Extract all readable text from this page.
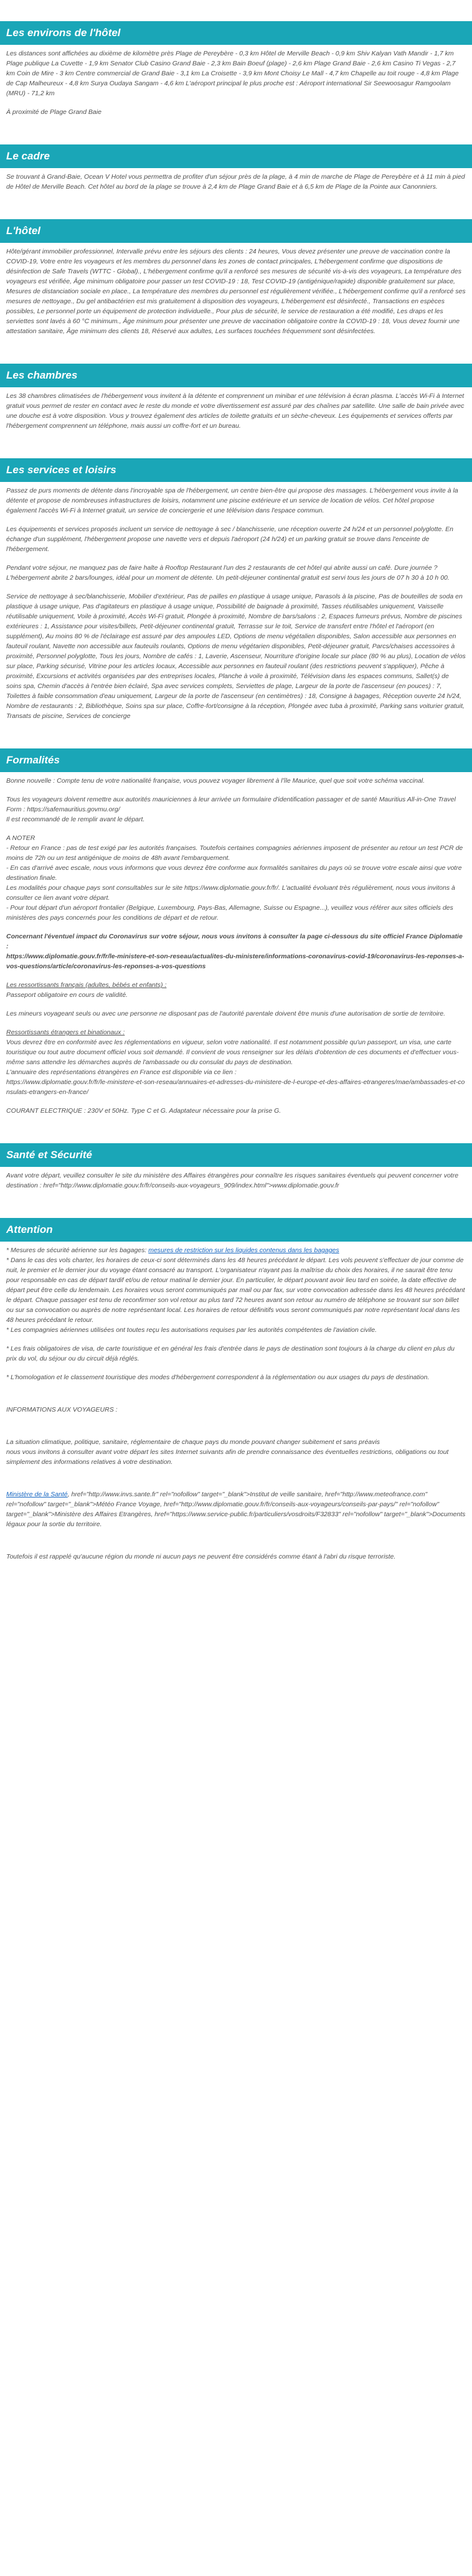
Les environs de l'hôtel

Les distances sont affichées au dixième de kilomètre près Plage de Pereybère - 0,3 km Hôtel de Merville Beach - 0,9 km Shiv Kalyan Vath Mandir - 1,7 km Plage publique La Cuvette - 1,9 km Senator Club Casino Grand Baie - 2,3 km Bain Boeuf (plage) - 2,6 km Plage Grand Baie - 2,6 km Casino Ti Vegas - 2,7 km Coin de Mire - 3 km Centre commercial de Grand Baie - 3,1 km La Croisette - 3,9 km Mont Choisy Le Mall - 4,7 km Chapelle au toit rouge - 4,8 km Plage de Cap Malheureux - 4,8 km Surya Oudaya Sangam - 4,6 km L'aéroport principal le plus proche est : Aéroport international Sir Seewoosagur Ramgoolam (MRU) - 71,2 km

À proximité de Plage Grand Baie

Le cadre

Se trouvant à Grand-Baie, Ocean V Hotel vous permettra de profiter d'un séjour près de la plage, à 4 min de marche de Plage de Pereybère et à 11 min à pied de Hôtel de Merville Beach. Cet hôtel au bord de la plage se trouve à 2,4 km de Plage Grand Baie et à 6,5 km de Plage de la Pointe aux Canonniers.

L'hôtel

Hôte/gérant immobilier professionnel, Intervalle prévu entre les séjours des clients : 24 heures, Vous devez présenter une preuve de vaccination contre la COVID-19, Votre entre les voyageurs et les membres du personnel dans les zones de contact principales, L'hébergement confirme que dispositions de désinfection de Safe Travels (WTTC - Global)., L'hébergement confirme qu'il a renforcé ses mesures de sécurité vis-à-vis des voyageurs, La température des voyageurs est vérifiée, Âge minimum obligatoire pour passer un test COVID-19 : 18, Test COVID-19 (antigénique/rapide) disponible gratuitement sur place, Mesures de distanciation sociale en place., La température des membres du personnel est régulièrement vérifiée., L'hébergement confirme qu'il a renforcé ses mesures de nettoyage., Du gel antibactérien est mis gratuitement à disposition des voyageurs, L'hébergement est désinfecté., Transactions en espèces possibles, Le personnel porte un équipement de protection individuelle., Pour plus de sécurité, le service de restauration a été modifié, Les draps et les serviettes sont lavés à 60 °C minimum., Âge minimum pour présenter une preuve de vaccination obligatoire contre la COVID-19 : 18, Vous devez fournir une attestation sanitaire, Âge minimum des clients 18, Réservé aux adultes, Les surfaces touchées fréquemment sont désinfectées.

Les chambres

Les 38 chambres climatisées de l'hébergement vous invitent à la détente et comprennent un minibar et une télévision à écran plasma. L'accès Wi-Fi à Internet gratuit vous permet de rester en contact avec le reste du monde et votre divertissement est assuré par des chaînes par satellite. Une salle de bain privée avec une douche est à votre disposition. Vous y trouvez également des articles de toilette gratuits et un sèche-cheveux. Les équipements et services offerts par l'hébergement comprennent un téléphone, mais aussi un coffre-fort et un bureau.

Les services et loisirs

Passez de purs moments de détente dans l'incroyable spa de l'hébergement, un centre bien-être qui propose des massages. L'hébergement vous invite à la détente et propose de nombreuses infrastructures de loisirs, notamment une piscine extérieure et un service de location de vélos. Cet hôtel propose également l'accès Wi-Fi à Internet gratuit, un service de conciergerie et une télévision dans l'espace commun.

Les équipements et services proposés incluent un service de nettoyage à sec / blanchisserie, une réception ouverte 24 h/24 et un personnel polyglotte. En échange d'un supplément, l'hébergement propose une navette vers et depuis l'aéroport (24 h/24) et un parking gratuit se trouve dans l'enceinte de l'hébergement.

Pendant votre séjour, ne manquez pas de faire halte à Rooftop Restaurant l'un des 2 restaurants de cet hôtel qui abrite aussi un café. Dure journée ? L'hébergement abrite 2 bars/lounges, idéal pour un moment de détente. Un petit-déjeuner continental gratuit est servi tous les jours de 07 h 30 à 10 h 00.

Service de nettoyage à sec/blanchisserie, Mobilier d'extérieur, Pas de pailles en plastique à usage unique, Parasols à la piscine, Pas de bouteilles de soda en plastique à usage unique, Pas d'agitateurs en plastique à usage unique, Possibilité de baignade à proximité, Tasses réutilisables uniquement, Vaisselle réutilisable uniquement, Voile à proximité, Accès Wi-Fi gratuit, Plongée à proximité, Nombre de bars/salons : 2, Espaces fumeurs prévus, Nombre de piscines extérieures : 1, Assistance pour visites/billets, Petit-déjeuner continental gratuit, Terrasse sur le toit, Service de transfert entre l'hôtel et l'aéroport (en supplément), Au moins 80 % de l'éclairage est assuré par des ampoules LED, Options de menu végétalien disponibles, Salon accessible aux personnes en fauteuil roulant, Navette non accessible aux fauteuils roulants, Options de menu végétarien disponibles, Petit-déjeuner gratuit, Parcs/chaises accessoires à proximité, Personnel polyglotte, Tous les jours, Nombre de cafés : 1, Laverie, Ascenseur, Nourriture d'origine locale sur place (80 % au plus), Location de vélos sur place, Parking sécurisé, Vitrine pour les articles locaux, Accessible aux personnes en fauteuil roulant (des restrictions peuvent s'appliquer), Pêche à proximité, Excursions et activités organisées par des entreprises locales, Planche à voile à proximité, Télévision dans les espaces communs, Sallet(s) de soins spa, Chemin d'accès à l'entrée bien éclairé, Spa avec services complets, Serviettes de plage, Largeur de la porte de l'ascenseur (en pouces) : 7, Toilettes à faible consommation d'eau uniquement, Largeur de la porte de l'ascenseur (en centimètres) : 18, Consigne à bagages, Réception ouverte 24 h/24, Nombre de restaurants : 2, Bibliothèque, Soins spa sur place, Coffre-fort/consigne à la réception, Plongée avec tuba à proximité, Parking sans voiturier gratuit, Transats de piscine, Services de concierge

Formalités

Bonne nouvelle : Compte tenu de votre nationalité française, vous pouvez voyager librement à l'île Maurice, quel que soit votre schéma vaccinal.

Tous les voyageurs doivent remettre aux autorités mauriciennes à leur arrivée un formulaire d'identification passager et de santé Mauritius All-in-One Travel Form : https://safemauritius.govmu.org/
Il est recommandé de le remplir avant le départ.

A NOTER
- Retour en France : pas de test exigé par les autorités françaises. Toutefois certaines compagnies aériennes imposent de présenter au retour un test PCR de moins de 72h ou un test antigénique de moins de 48h avant l'embarquement.
- En cas d'arrivé avec escale, nous vous informons que vous devrez être conforme aux formalités sanitaires du pays où se trouve votre escale ainsi que votre destination finale.
Les modalités pour chaque pays sont consultables sur le site https://www.diplomatie.gouv.fr/fr/. L'actualité évoluant très régulièrement, nous vous invitons à consulter ce lien avant votre départ.
- Pour tout départ d'un aéroport frontalier (Belgique, Luxembourg, Pays-Bas, Allemagne, Suisse ou Espagne...), veuillez vous référer aux sites officiels des ministères des pays concernés pour les conditions de départ et de retour.

Concernant l'éventuel impact du Coronavirus sur votre séjour, nous vous invitons à consulter la page ci-dessous du site officiel France Diplomatie :
https://www.diplomatie.gouv.fr/fr/le-ministere-et-son-reseau/actualites-du-ministere/informations-coronavirus-covid-19/coronavirus-les-reponses-a-vos-questions/article/coronavirus-les-reponses-a-vos-questions

Les ressortissants français (adultes, bébés et enfants) :
Passeport obligatoire en cours de validité.

Les mineurs voyageant seuls ou avec une personne ne disposant pas de l'autorité parentale doivent être munis d'une autorisation de sortie de territoire.

Ressortissants étrangers et binationaux :
Vous devrez être en conformité avec les réglementations en vigueur, selon votre nationalité. Il est notamment possible qu'un passeport, un visa, une carte touristique ou tout autre document officiel vous soit demandé. Il convient de vous renseigner sur les délais d'obtention de ces documents et d'effectuer vous-même sans attendre les démarches auprès de l'ambassade ou du consulat du pays de destination.
L'annuaire des représentations étrangères en France est disponible via ce lien :
https://www.diplomatie.gouv.fr/fr/le-ministere-et-son-reseau/annuaires-et-adresses-du-ministere-de-l-europe-et-des-affaires-etrangeres/mae/ambassades-et-consulats-etrangers-en-france/

COURANT ELECTRIQUE : 230V et 50Hz. Type C et G. Adaptateur nécessaire pour la prise G.

Santé et Sécurité

Avant votre départ, veuillez consulter le site du ministère des Affaires étrangères pour connaître les risques sanitaires éventuels qui peuvent concerner votre destination : href="http://www.diplomatie.gouv.fr/fr/conseils-aux-voyageurs_909/index.html">www.diplomatie.gouv.fr

Attention

* Mesures de sécurité aérienne sur les bagages: mesures de restriction sur les liquides contenus dans les bagages
* Dans le cas des vols charter, les horaires de ceux-ci sont déterminés dans les 48 heures précédant le départ. Les vols peuvent s'effectuer de jour comme de nuit, le premier et le dernier jour du voyage étant consacré au transport. L'organisateur n'ayant pas la maîtrise du choix des horaires, il ne saurait être tenu pour responsable en cas de départ tardif et/ou de retour matinal le dernier jour. En particulier, le départ pouvant avoir lieu tard en soirée, la date effective de départ peut être celle du lendemain. Les horaires vous seront communiqués par mail ou par fax, sur votre convocation adressée dans les 48 heures précédant le départ. Chaque passager est tenu de reconfirmer son vol retour au plus tard 72 heures avant son retour au numéro de téléphone se trouvant sur son billet ou sur sa convocation ou auprès de notre représentant local. Les horaires de retour définitifs vous seront communiqués par notre représentant local dans les 48 heures précédant le retour.
* Les compagnies aériennes utilisées ont toutes reçu les autorisations requises par les autorités compétentes de l'aviation civile.

* Les frais obligatoires de visa, de carte touristique et en général les frais d'entrée dans le pays de destination sont toujours à la charge du client en plus du prix du vol, du séjour ou du circuit déjà réglés.

* L'homologation et le classement touristique des modes d'hébergement correspondent à la réglementation ou aux usages du pays de destination.

INFORMATIONS AUX VOYAGEURS :

La situation climatique, politique, sanitaire, réglementaire de chaque pays du monde pouvant changer subitement et sans préavis
nous vous invitons à consulter avant votre départ les sites Internet suivants afin de prendre connaissance des éventuelles restrictions, obligations ou tout simplement des informations relatives à votre destination.

Ministère de la Santé, href="http://www.invs.sante.fr" rel="nofollow" target="_blank">Institut de veille sanitaire, href="http://www.meteofrance.com" rel="nofollow" target="_blank">Météo France Voyage, href="http://www.diplomatie.gouv.fr/fr/conseils-aux-voyageurs/conseils-par-pays/" rel="nofollow" target="_blank">Ministère des Affaires Etrangères, href="https://www.service-public.fr/particuliers/vosdroits/F32833" rel="nofollow" target="_blank">Documents légaux pour la sortie du territoire.

Toutefois il est rappelé qu'aucune région du monde ni aucun pays ne peuvent être considérés comme étant à l'abri du risque terroriste.
